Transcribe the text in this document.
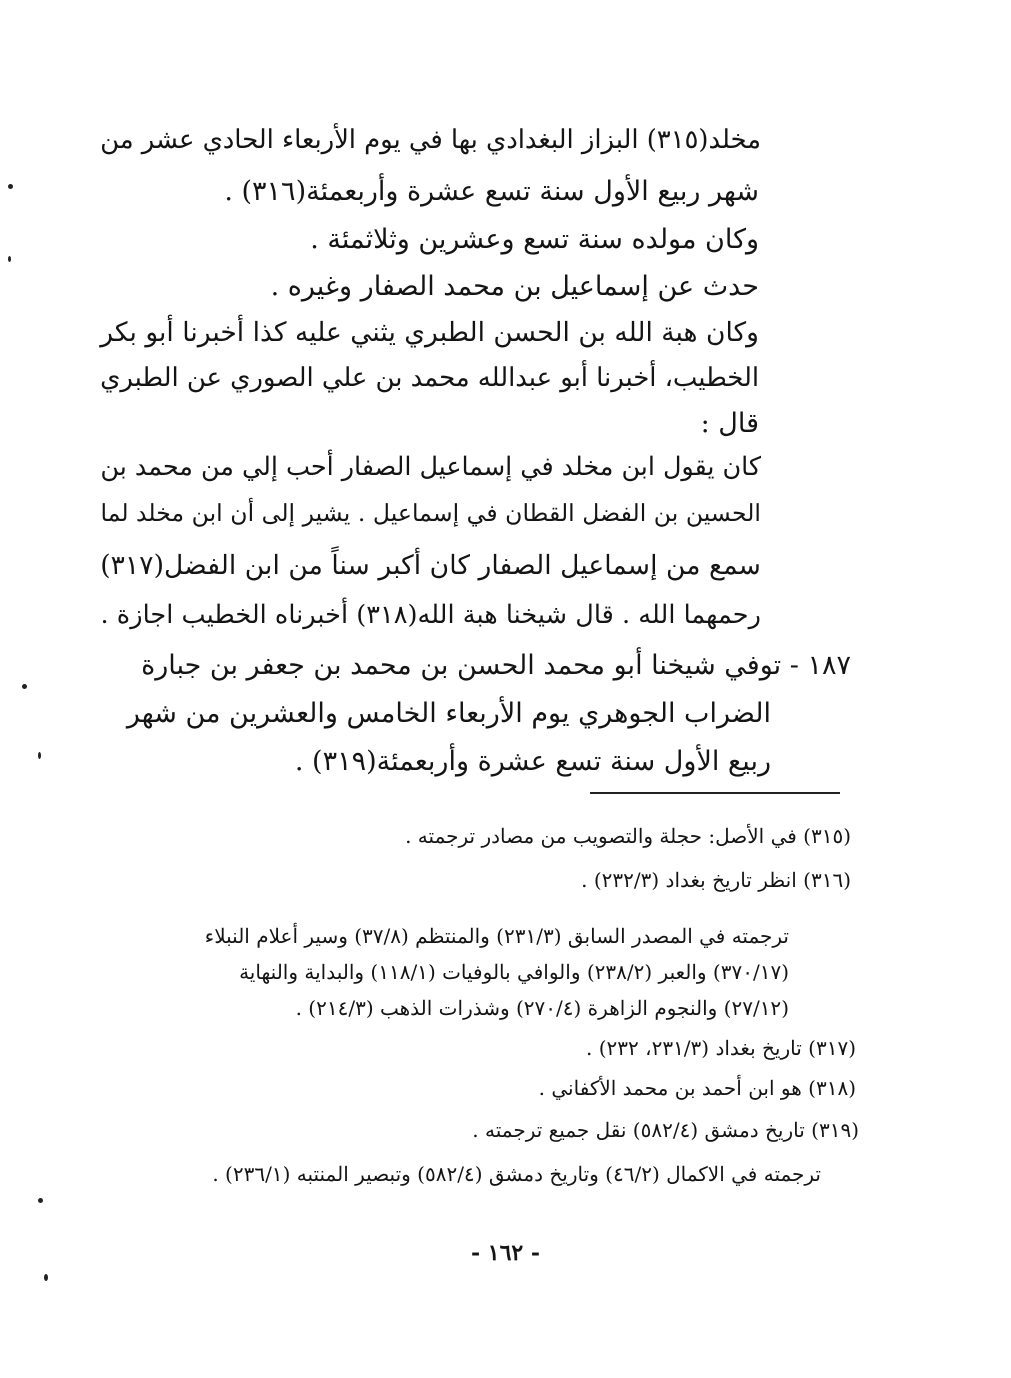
مخلد(٣١٥) البزاز البغدادي بها في يوم الأربعاء الحادي عشر من
شهر ربيع الأول سنة تسع عشرة وأربعمئة(٣١٦) .
وكان مولده سنة تسع وعشرين وثلاثمئة .
حدث عن إسماعيل بن محمد الصفار وغيره .
وكان هبة الله بن الحسن الطبري يثني عليه كذا أخبرنا أبو بكر
الخطيب، أخبرنا أبو عبدالله محمد بن علي الصوري عن الطبري
قال :
كان يقول ابن مخلد في إسماعيل الصفار أحب إلي من محمد بن
الحسين بن الفضل القطان في إسماعيل . يشير إلى أن ابن مخلد لما
سمع من إسماعيل الصفار كان أكبر سناً من ابن الفضل(٣١٧)
رحمهما الله . قال شيخنا هبة الله(٣١٨) أخبرناه الخطيب اجازة .
١٨٧ - توفي شيخنا أبو محمد الحسن بن محمد بن جعفر بن جبارة
الضراب الجوهري يوم الأربعاء الخامس والعشرين من شهر
ربيع الأول سنة تسع عشرة وأربعمئة(٣١٩) .
(٣١٥) في الأصل: حجلة والتصويب من مصادر ترجمته .
(٣١٦) انظر تاريخ بغداد (٢٣٢/٣) .
ترجمته في المصدر السابق (٢٣١/٣) والمنتظم (٣٧/٨) وسير أعلام النبلاء
(٣٧٠/١٧) والعبر (٢٣٨/٢) والوافي بالوفيات (١١٨/١) والبداية والنهاية
(٢٧/١٢) والنجوم الزاهرة (٢٧٠/٤) وشذرات الذهب (٢١٤/٣) .
(٣١٧) تاريخ بغداد (٢٣١/٣، ٢٣٢) .
(٣١٨) هو ابن أحمد بن محمد الأكفاني .
(٣١٩) تاريخ دمشق (٥٨٢/٤) نقل جميع ترجمته .
ترجمته في الاكمال (٤٦/٢) وتاريخ دمشق (٥٨٢/٤) وتبصير المنتبه (٢٣٦/١) .
- ١٦٢ -
